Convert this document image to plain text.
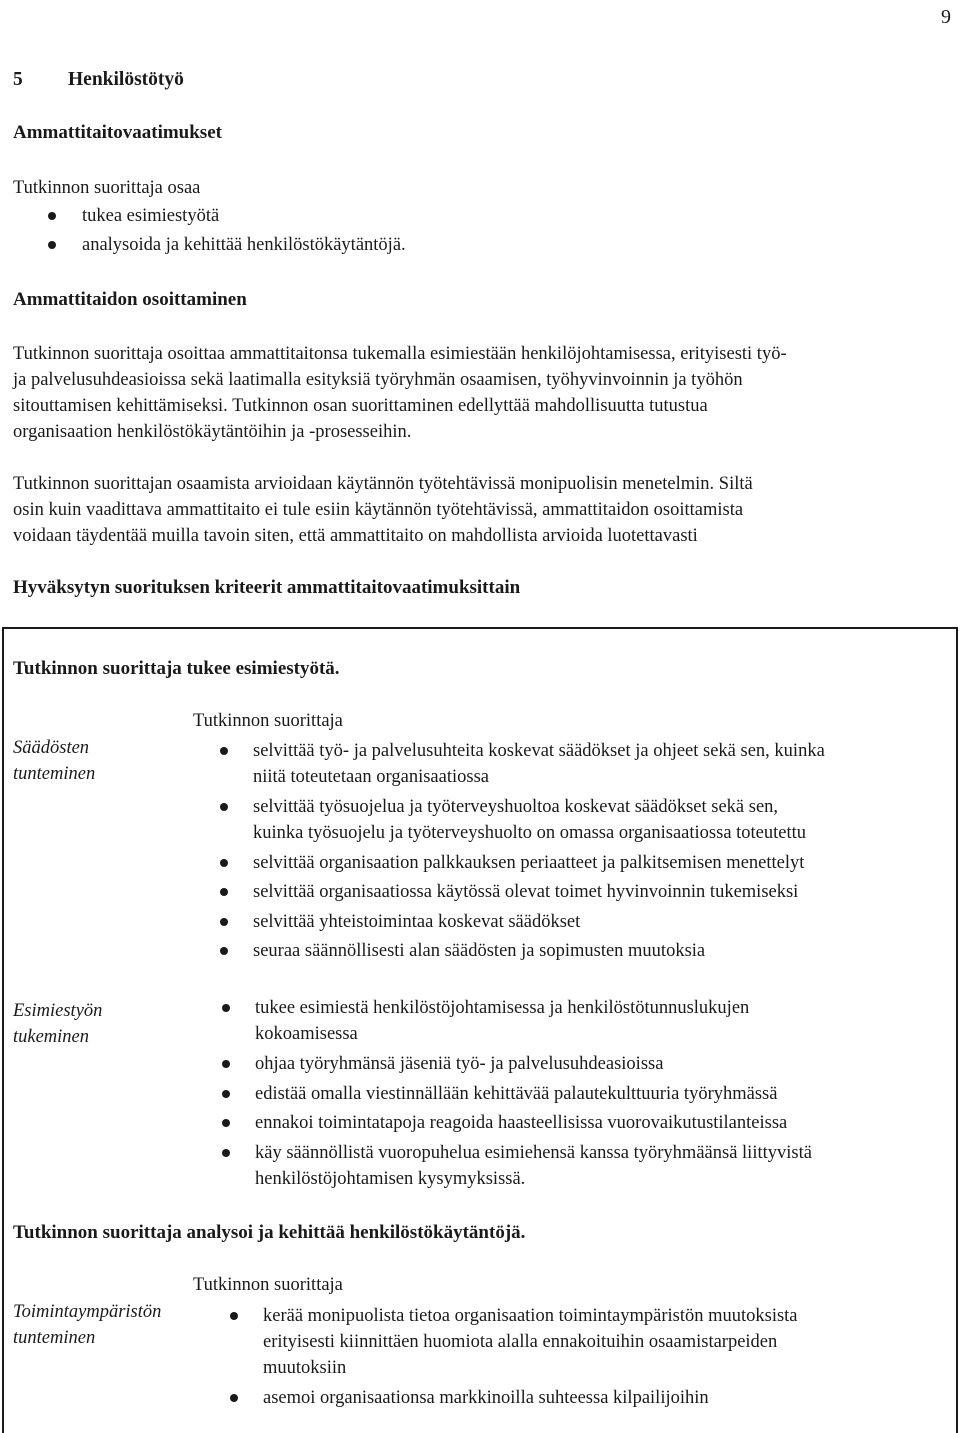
9
5 Henkilöstötyö
Ammattitaitovaatimukset
Tutkinnon suorittaja osaa
tukea esimiestyötä
analysoida ja kehittää henkilöstökäytäntöjä.
Ammattitaidon osoittaminen
Tutkinnon suorittaja osoittaa ammattitaitonsa tukemalla esimiestään henkilöjohtamisessa, erityisesti työ-
ja palvelusuhdeasioissa sekä laatimalla esityksiä työryhmän osaamisen, työhyvinvoinnin ja työhön
sitouttamisen kehittämiseksi. Tutkinnon osan suorittaminen edellyttää mahdollisuutta tutustua
organisaation henkilöstökäytäntöihin ja -prosesseihin.
Tutkinnon suorittajan osaamista arvioidaan käytännön työtehtävissä monipuolisin menetelmin. Siltä
osin kuin vaadittava ammattitaito ei tule esiin käytännön työtehtävissä, ammattitaidon osoittamista
voidaan täydentää muilla tavoin siten, että ammattitaito on mahdollista arvioida luotettavasti
Hyväksytyn suorituksen kriteerit ammattitaitovaatimuksittain
Tutkinnon suorittaja tukee esimiestyötä.
Säädösten
tunteminen
Tutkinnon suorittaja
selvittää työ- ja palvelusuhteita koskevat säädökset ja ohjeet sekä sen, kuinka
niitä toteutetaan organisaatiossa
selvittää työsuojelua ja työterveyshuoltoa koskevat säädökset sekä sen,
kuinka työsuojelu ja työterveyshuolto on omassa organisaatiossa toteutettu
selvittää organisaation palkkauksen periaatteet ja palkitsemisen menettelyt
selvittää organisaatiossa käytössä olevat toimet hyvinvoinnin tukemiseksi
selvittää yhteistoimintaa koskevat säädökset
seuraa säännöllisesti alan säädösten ja sopimusten muutoksia
Esimiestyön
tukeminen
tukee esimiestä henkilöstöjohtamisessa ja henkilöstötunnuslukujen
kokoamisessa
ohjaa työryhmänsä jäseniä työ- ja palvelusuhdeasioissa
edistää omalla viestinnällään kehittävää palautekulttuuria työryhmässä
ennakoi toimintatapoja reagoida haasteellisissa vuorovaikutustilanteissa
käy säännöllistä vuoropuhelua esimiehensä kanssa työryhmäänsä liittyvistä
henkilöstöjohtamisen kysymyksissä.
Tutkinnon suorittaja analysoi ja kehittää henkilöstökäytäntöjä.
Toimintaympäristön
tunteminen
Tutkinnon suorittaja
kerää monipuolista tietoa organisaation toimintaympäristön muutoksista
erityisesti kiinnittäen huomiota alalla ennakoituihin osaamistarpeiden
muutoksiin
asemoi organisaationsa markkinoilla suhteessa kilpailijoihin
